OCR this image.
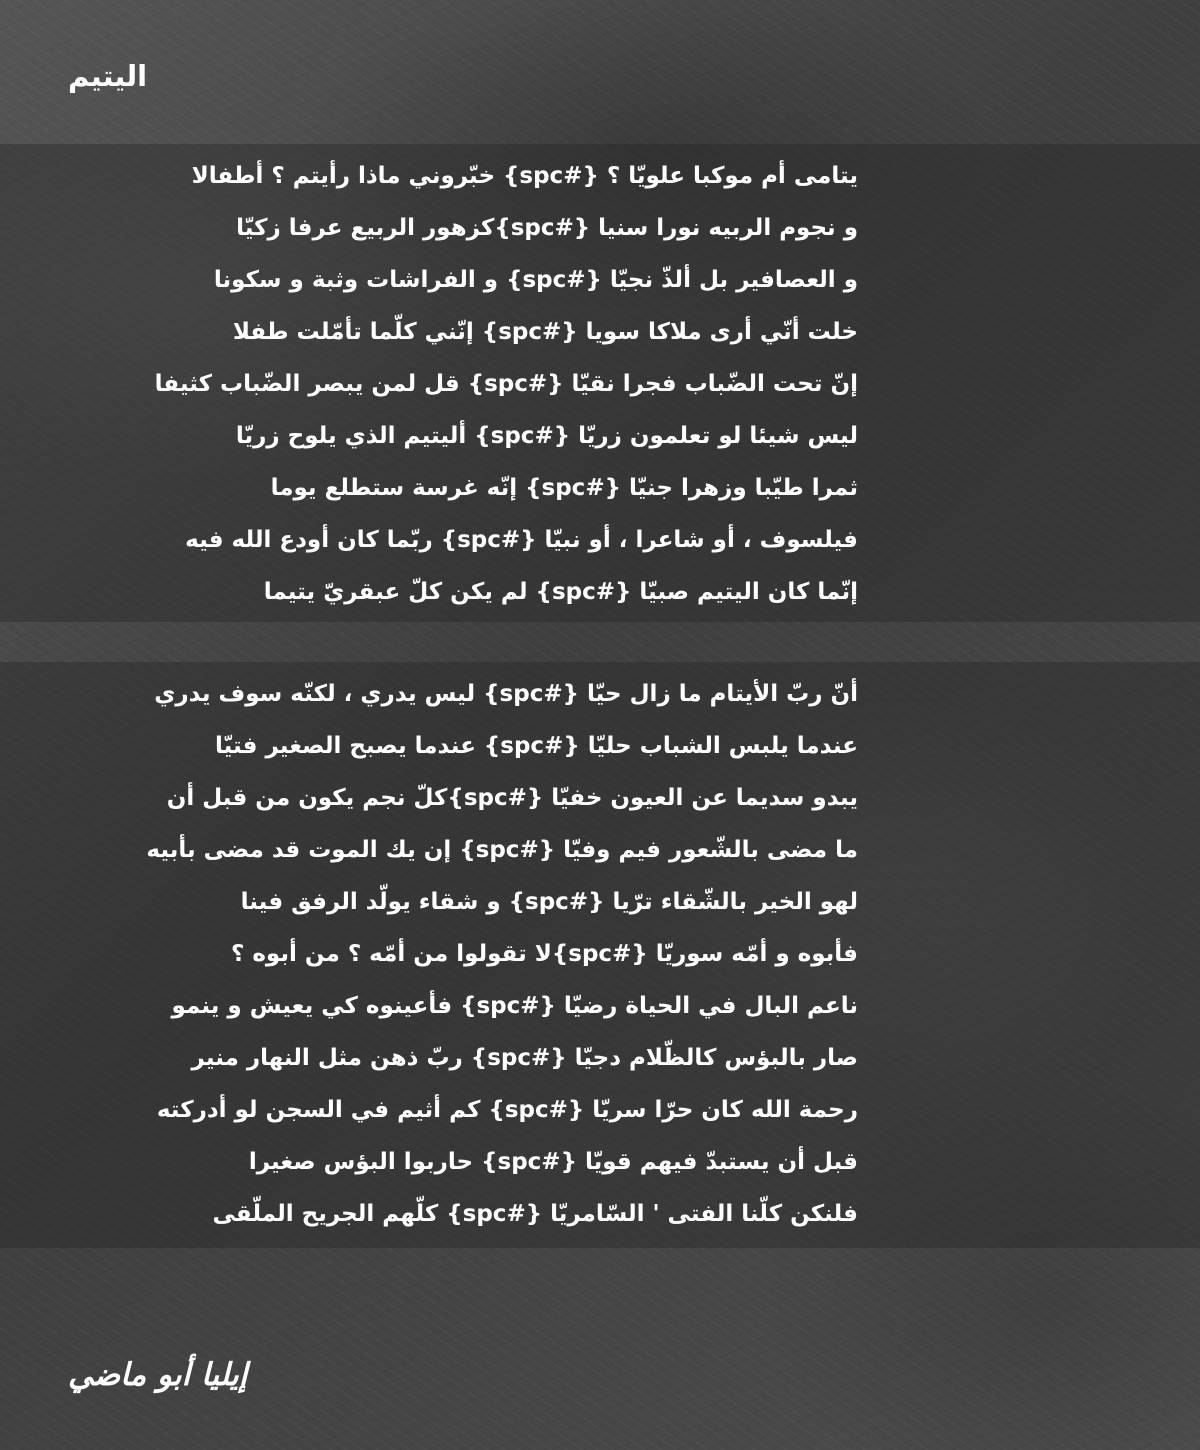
اليتيم
يتامى أم موكبا علويّا ؟ {#spc} خبّروني ماذا رأيتم ؟ أطفالا
و نجوم الربيه نورا سنيا {#spc}كزهور الربيع عرفا زكيّا
و العصافير بل ألذّ نجيّا {#spc} و الفراشات وثبة و سكونا
خلت أنّي أرى ملاكا سويا {#spc} إنّني كلّما تأمّلت طفلا
إنّ تحت الضّباب فجرا نقيّا {#spc} قل لمن يبصر الضّباب كثيفا
ليس شيئا لو تعلمون زريّا {#spc} أليتيم الذي يلوح زريّا
ثمرا طيّبا وزهرا جنيّا {#spc} إنّه غرسة ستطلع يوما
فيلسوف ، أو شاعرا ، أو نبيّا {#spc} ربّما كان أودع الله فيه
إنّما كان اليتيم صبيّا {#spc} لم يكن كلّ عبقريّ يتيما
أنّ ربّ الأيتام ما زال حيّا {#spc} ليس يدري ، لكنّه سوف يدري
عندما يلبس الشباب حليّا {#spc} عندما يصبح الصغير فتيّا
يبدو سديما عن العيون خفيّا {#spc}كلّ نجم يكون من قبل أن
ما مضى بالشّعور فيم وفيّا {#spc} إن يك الموت قد مضى بأبيه
لهو الخير بالشّقاء ترّيا {#spc} و شقاء يولّد الرفق فينا
فأبوه و أمّه سوريّا {#spc}لا تقولوا من أمّه ؟ من أبوه ؟
ناعم البال في الحياة رضيّا {#spc} فأعينوه كي يعيش و ينمو
صار بالبؤس كالظّلام دجيّا {#spc} ربّ ذهن مثل النهار منير
رحمة الله كان حرّا سريّا {#spc} كم أثيم في السجن لو أدركته
قبل أن يستبدّ فيهم قويّا {#spc} حاربوا البؤس صغيرا
فلنكن كلّنا الفتى ' السّامريّا {#spc} كلّهم الجريح الملّقى

إيليا أبو ماضي
